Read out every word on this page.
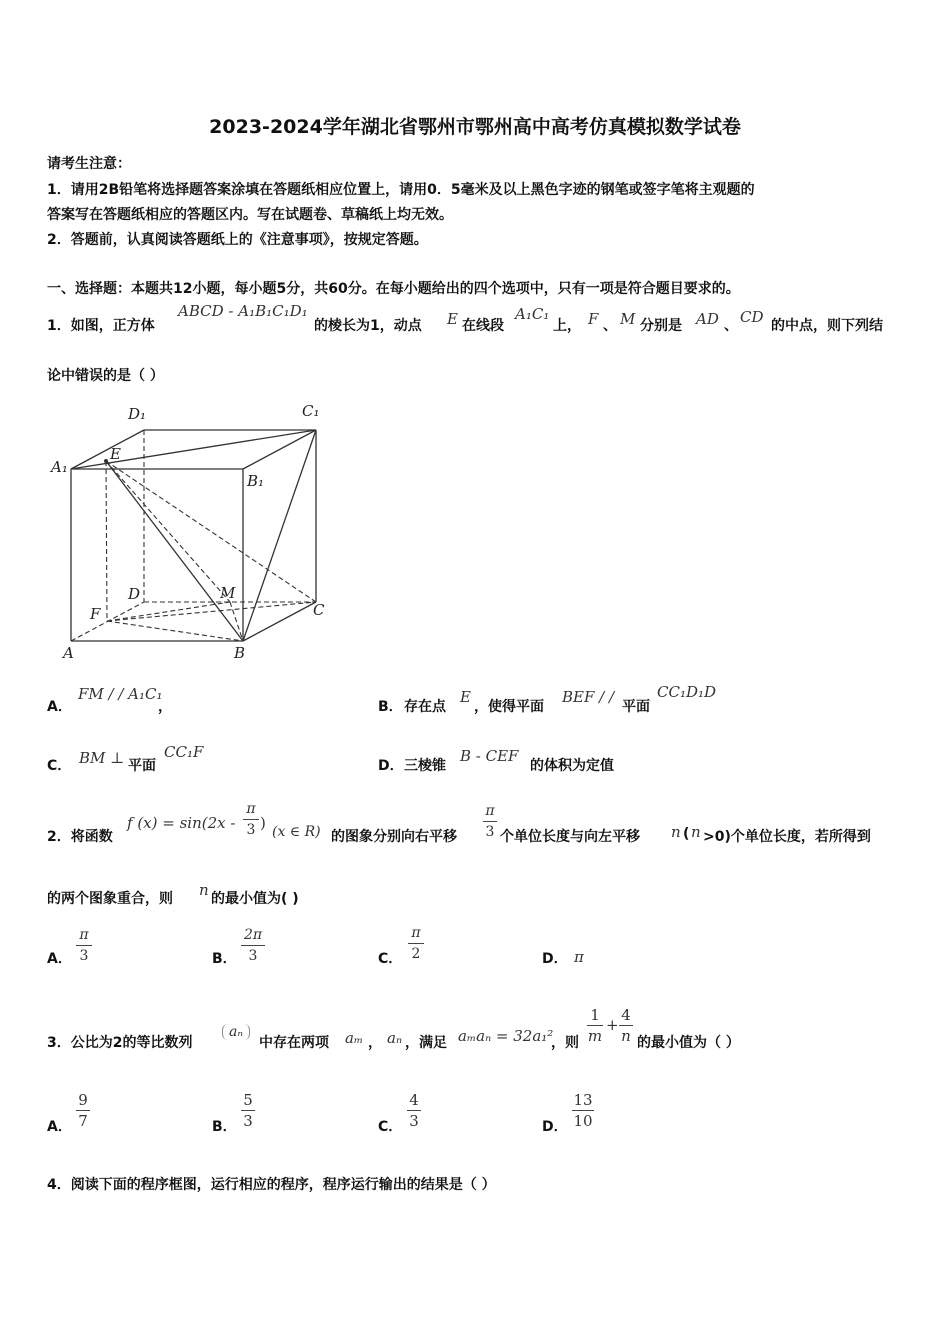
2023-2024学年湖北省鄂州市鄂州高中高考仿真模拟数学试卷
请考生注意：
1．请用2B铅笔将选择题答案涂填在答题纸相应位置上，请用0．5毫米及以上黑色字迹的钢笔或签字笔将主观题的
答案写在答题纸相应的答题区内。写在试题卷、草稿纸上均无效。
2．答题前，认真阅读答题纸上的《注意事项》，按规定答题。
一、选择题：本题共12小题，每小题5分，共60分。在每小题给出的四个选项中，只有一项是符合题目要求的。
1．如图，正方体
ABCD - A₁B₁C₁D₁
的棱长为1，动点 E 在线段
A₁C₁
上， F 、 M 分别是 AD 、 CD 的中点，则下列结
论中错误的是（ ）
D₁	C₁
A₁
E
B₁
D	M
F	C
A	B
A．
FM / / A₁C₁
，	B． 存在点
E
，使得平面
BEF / /
平面
CC₁D₁D
C． BM ⊥ 平面
CC₁F
D． 三棱锥
B - CEF
的体积为定值
2．将函数
f (x) = sin(2x -
π
3 ) (x ∈ R) 的图象分别向右平移
π
3 个单位长度与向左平移 n ( n >0)个单位长度，若所得到
的两个图象重合，则 n 的最小值为( )
A．
π
3	B．
2π
3	C．
π
2	D． π
3．公比为2的等比数列
aₙ
中存在两项 aₘ ， aₙ ，满足 aₘaₙ = 32a₁²
，则
1
m
+
4
n 的最小值为（ ）
A．
9
7	B．
5
3	C．
4
3	D．
13
10
4．阅读下面的程序框图，运行相应的程序，程序运行输出的结果是（ ）
